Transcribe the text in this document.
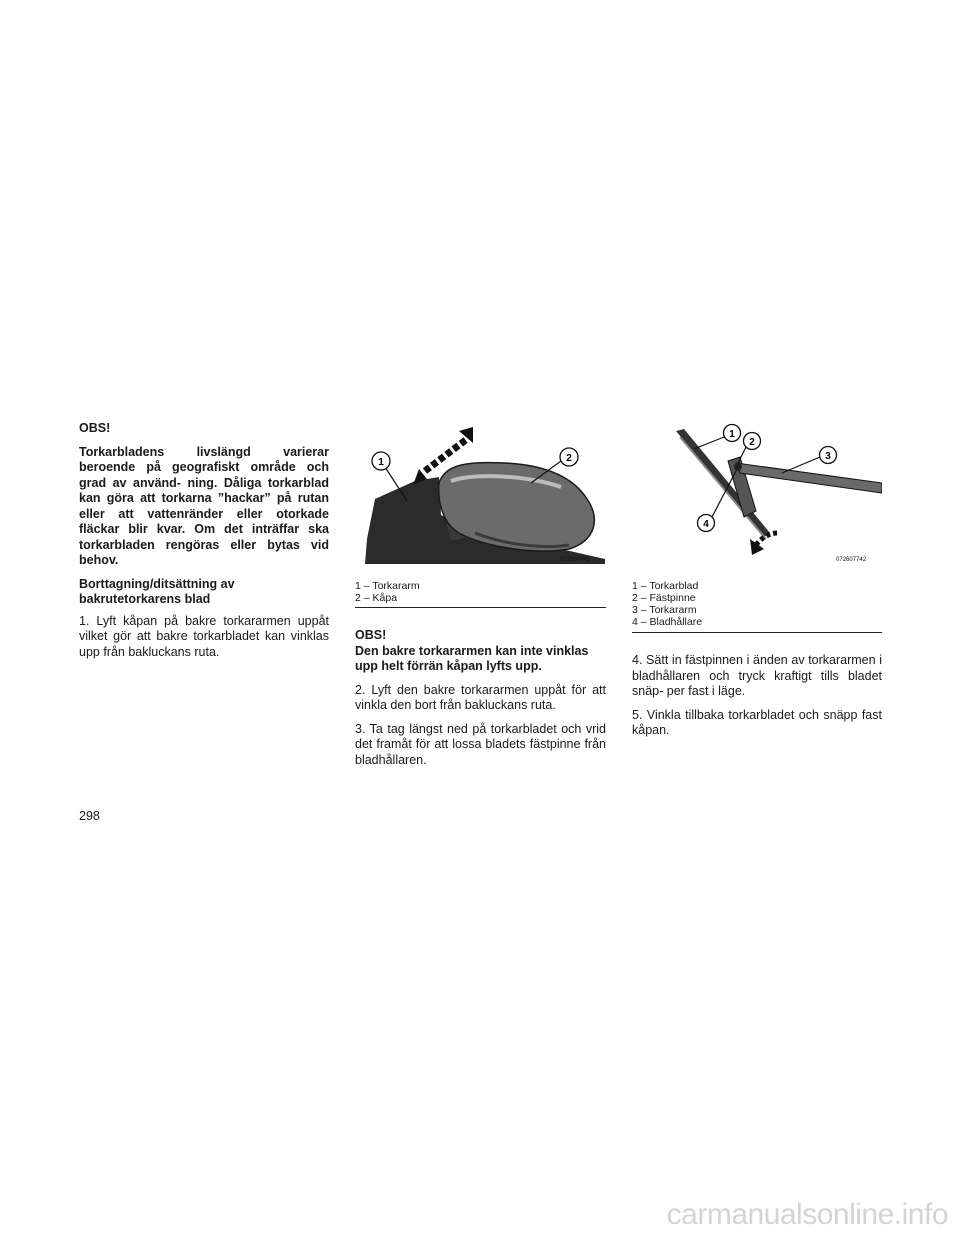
OBS!

Torkarbladens livslängd varierar beroende på geografiskt område och grad av använd- ning. Dåliga torkarblad kan göra att torkarna ”hackar” på rutan eller att vattenränder eller otorkade fläckar blir kvar. Om det inträffar ska torkarbladen rengöras eller bytas vid behov.

Borttagning/ditsättning av
bakrutetorkarens blad

1. Lyft kåpan på bakre torkararmen uppåt vilket gör att bakre torkarbladet kan vinklas upp från bakluckans ruta.

1	2
072607741
1 – Torkararm
2 – Kåpa
1
2
3
4
072607742
1 – Torkarblad
2 – Fästpinne
3 – Torkararm
4 – Bladhållare

OBS!

Den bakre torkararmen kan inte vinklas upp helt förrän kåpan lyfts upp.

2. Lyft den bakre torkararmen uppåt för att vinkla den bort från bakluckans ruta.

3. Ta tag längst ned på torkarbladet och vrid det framåt för att lossa bladets fästpinne från bladhållaren.

4. Sätt in fästpinnen i änden av torkararmen i bladhållaren och tryck kraftigt tills bladet snäp- per fast i läge.

5. Vinkla tillbaka torkarbladet och snäpp fast kåpan.

298
carmanualsonline.info
